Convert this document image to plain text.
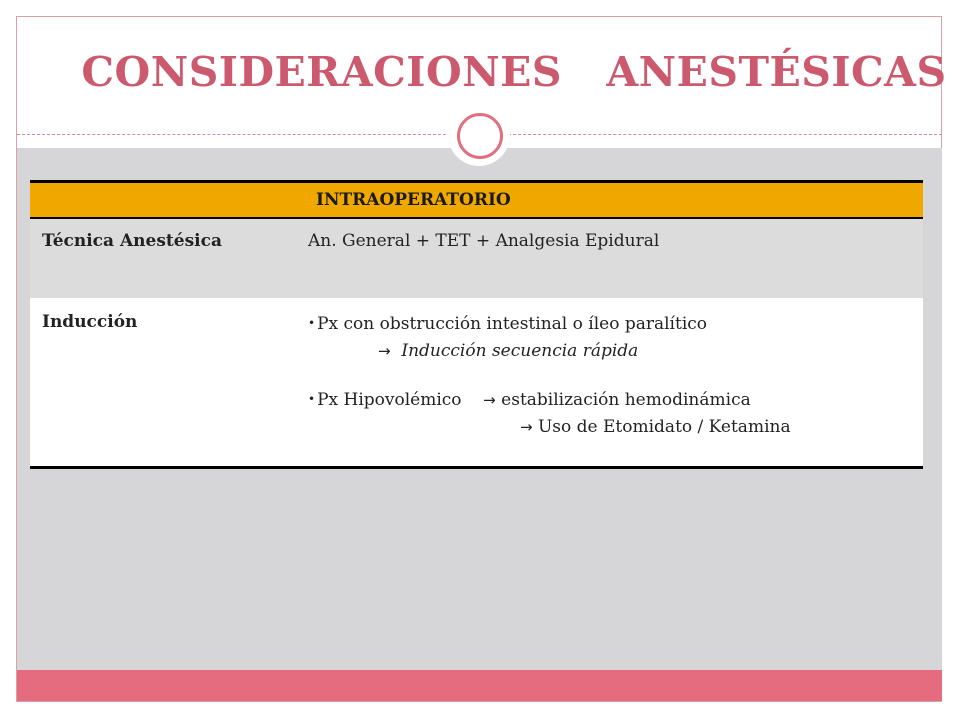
CONSIDERACIONES   ANESTÉSICAS
INTRAOPERATORIO	

Técnica Anestésica	An. General + TET + Analgesia Epidural
Inducción	• Px con obstrucción intestinal o íleo paralítico
→ Inducción secuencia rápida
• Px Hipovolémico → estabilización hemodinámica
→ Uso de Etomidato / Ketamina
